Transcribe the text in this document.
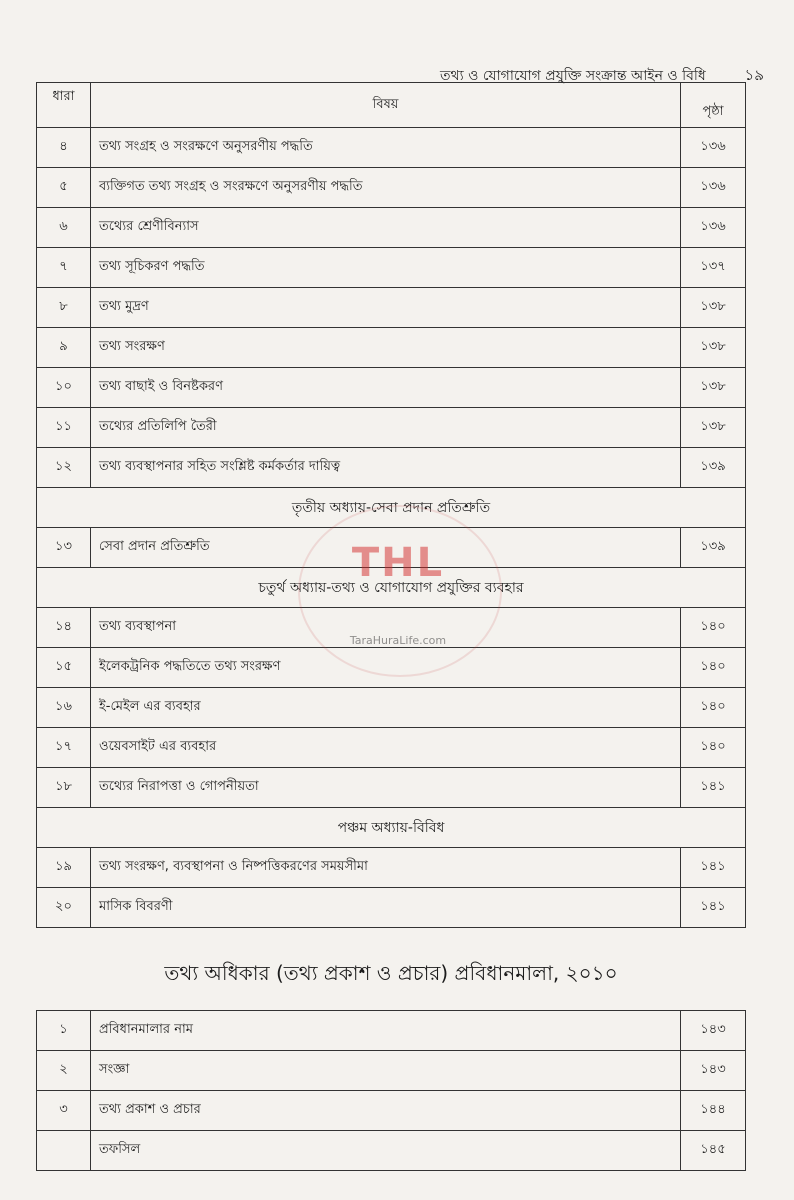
তথ্য ও যোগাযোগ প্রযুক্তি সংক্রান্ত আইন ও বিধি	১৯
ধারা	বিষয়	পৃষ্ঠা
৪	তথ্য সংগ্রহ ও সংরক্ষণে অনুসরণীয় পদ্ধতি	১৩৬
৫	ব্যক্তিগত তথ্য সংগ্রহ ও সংরক্ষণে অনুসরণীয় পদ্ধতি	১৩৬
৬	তথ্যের শ্রেণীবিন্যাস	১৩৬
৭	তথ্য সূচিকরণ পদ্ধতি	১৩৭
৮	তথ্য মুদ্রণ	১৩৮
৯	তথ্য সংরক্ষণ	১৩৮
১০	তথ্য বাছাই ও বিনষ্টকরণ	১৩৮
১১	তথ্যের প্রতিলিপি তৈরী	১৩৮
১২	তথ্য ব্যবস্থাপনার সহিত সংশ্লিষ্ট কর্মকর্তার দায়িত্ব	১৩৯
তৃতীয় অধ্যায়-সেবা প্রদান প্রতিশ্রুতি		
১৩	সেবা প্রদান প্রতিশ্রুতি	১৩৯
চতুর্থ অধ্যায়-তথ্য ও যোগাযোগ প্রযুক্তির ব্যবহার		
১৪	তথ্য ব্যবস্থাপনা	১৪০
১৫	ইলেকট্রনিক পদ্ধতিতে তথ্য সংরক্ষণ	১৪০
১৬	ই-মেইল এর ব্যবহার	১৪০
১৭	ওয়েবসাইট এর ব্যবহার	১৪০
১৮	তথ্যের নিরাপত্তা ও গোপনীয়তা	১৪১
পঞ্চম অধ্যায়-বিবিধ		
১৯	তথ্য সংরক্ষণ, ব্যবস্থাপনা ও নিষ্পত্তিকরণের সময়সীমা	১৪১
২০	মাসিক বিবরণী	১৪১
তথ্য অধিকার (তথ্য প্রকাশ ও প্রচার) প্রবিধানমালা, ২০১০		
১	প্রবিধানমালার নাম	১৪৩
২	সংজ্ঞা	১৪৩
৩	তথ্য প্রকাশ ও প্রচার	১৪৪
	তফসিল	১৪৫
THL
TaraHuraLife.com
